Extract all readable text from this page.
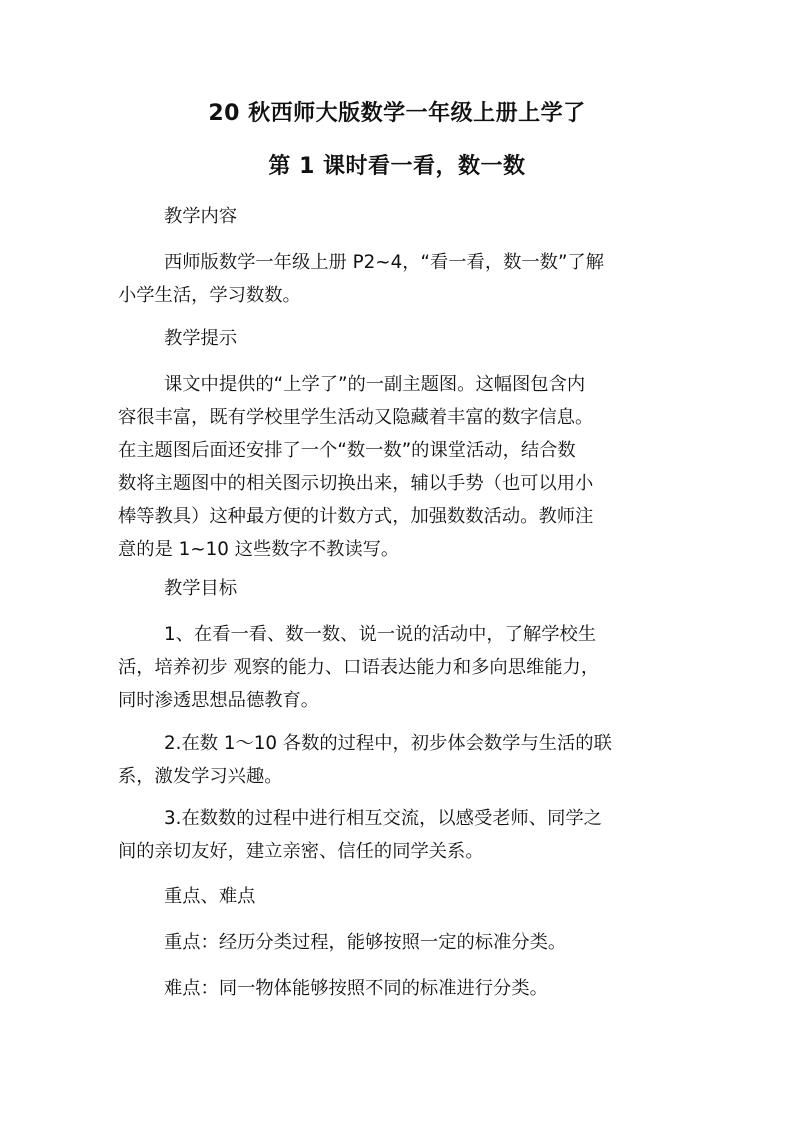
20 秋西师大版数学一年级上册上学了
第 1 课时看一看，数一数
教学内容
西师版数学一年级上册 P2~4，“看一看，数一数”了解
小学生活，学习数数。
教学提示
课文中提供的“上学了”的一副主题图。这幅图包含内
容很丰富，既有学校里学生活动又隐藏着丰富的数字信息。
在主题图后面还安排了一个“数一数”的课堂活动，结合数
数将主题图中的相关图示切换出来，辅以手势（也可以用小
棒等教具）这种最方便的计数方式，加强数数活动。教师注
意的是 1~10 这些数字不教读写。
教学目标
1、在看一看、数一数、说一说的活动中，了解学校生
活，培养初步 观察的能力、口语表达能力和多向思维能力，
同时渗透思想品德教育。
2.在数 1～10 各数的过程中，初步体会数学与生活的联
系，激发学习兴趣。
3.在数数的过程中进行相互交流，以感受老师、同学之
间的亲切友好，建立亲密、信任的同学关系。
重点、难点
重点：经历分类过程，能够按照一定的标准分类。
难点：同一物体能够按照不同的标准进行分类。
